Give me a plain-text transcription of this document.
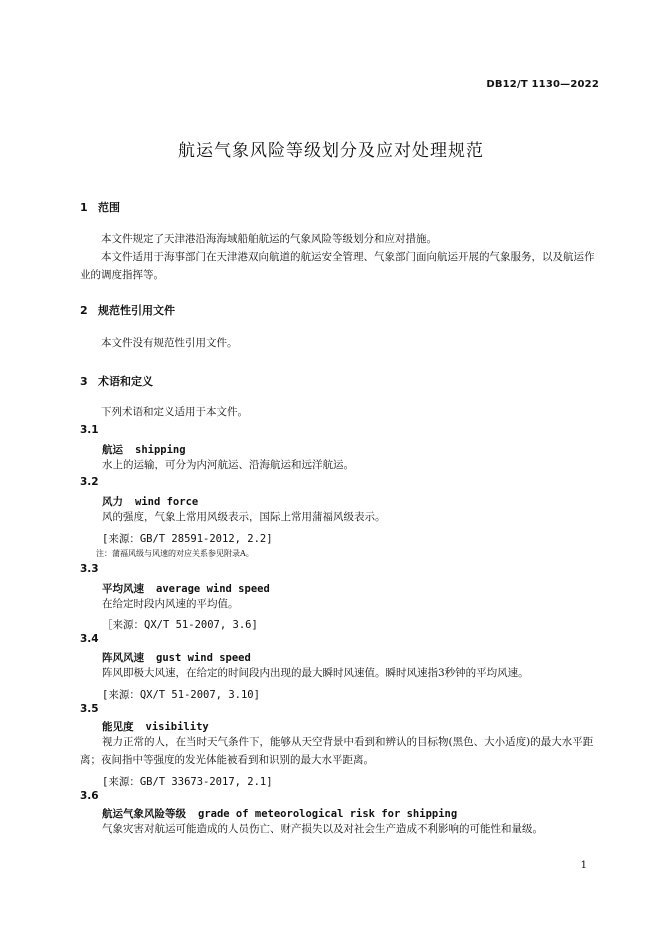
DB12/T 1130—2022
航运气象风险等级划分及应对处理规范
1 范围
本文件规定了天津港沿海海域船舶航运的气象风险等级划分和应对措施。
本文件适用于海事部门在天津港双向航道的航运安全管理、气象部门面向航运开展的气象服务，以及航运作业的调度指挥等。
2 规范性引用文件
本文件没有规范性引用文件。
3 术语和定义
下列术语和定义适用于本文件。
3.1
航运 shipping
水上的运输，可分为内河航运、沿海航运和远洋航运。
3.2
风力 wind force
风的强度，气象上常用风级表示，国际上常用蒲福风级表示。
[来源：GB/T 28591-2012, 2.2]
注：蒲福风级与风速的对应关系参见附录A。
3.3
平均风速 average wind speed
在给定时段内风速的平均值。
［来源：QX/T 51-2007, 3.6]
3.4
阵风风速 gust wind speed
阵风即极大风速，在给定的时间段内出现的最大瞬时风速值。瞬时风速指3秒钟的平均风速。
[来源：QX/T 51-2007, 3.10]
3.5
能见度 visibility
视力正常的人，在当时天气条件下，能够从天空背景中看到和辨认的目标物(黑色、大小适度)的最大水平距离；夜间指中等强度的发光体能被看到和识别的最大水平距离。
[来源：GB/T 33673-2017, 2.1]
3.6
航运气象风险等级 grade of meteorological risk for shipping
气象灾害对航运可能造成的人员伤亡、财产损失以及对社会生产造成不利影响的可能性和量级。
1
